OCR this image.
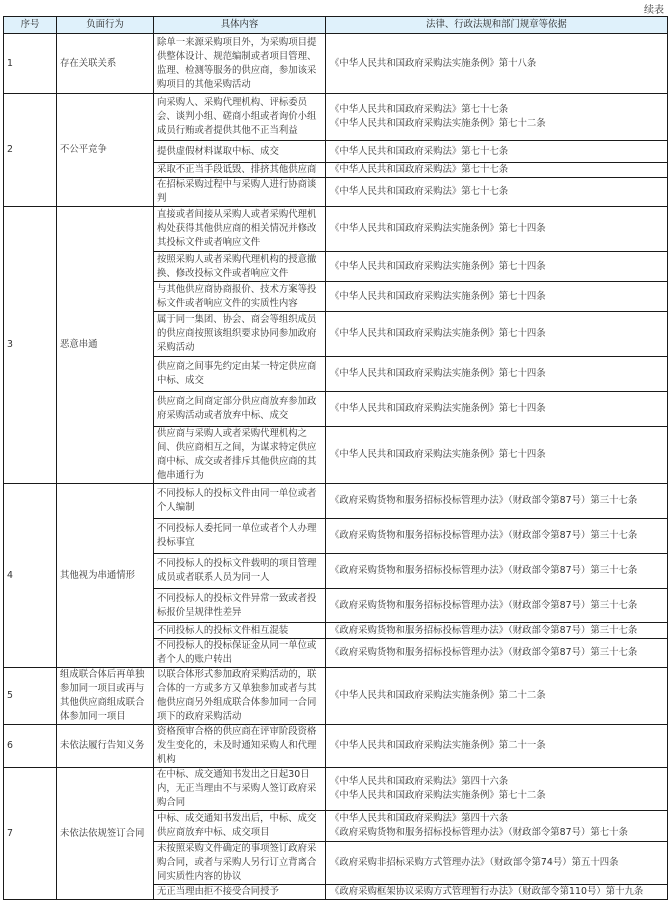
续表
序号	负面行为	具体内容	法律、行政法规和部门规章等依据
1	存在关联关系	除单一来源采购项目外，为采购项目提供整体设计、规范编制或者项目管理、监理、检测等服务的供应商，参加该采购项目的其他采购活动	《中华人民共和国政府采购法实施条例》第十八条

2	不公平竞争	向采购人、采购代理机构、评标委员会、谈判小组、磋商小组或者询价小组成员行贿或者提供其他不正当利益	《中华人民共和国政府采购法》第七十七条
《中华人民共和国政府采购法实施条例》第七十二条

		提供虚假材料谋取中标、成交	《中华人民共和国政府采购法》第七十七条

		采取不正当手段诋毁、排挤其他供应商	《中华人民共和国政府采购法》第七十七条

		在招标采购过程中与采购人进行协商谈判	《中华人民共和国政府采购法》第七十七条

3	恶意串通	直接或者间接从采购人或者采购代理机构处获得其他供应商的相关情况并修改其投标文件或者响应文件	《中华人民共和国政府采购法实施条例》第七十四条

		按照采购人或者采购代理机构的授意撤换、修改投标文件或者响应文件	《中华人民共和国政府采购法实施条例》第七十四条

		与其他供应商协商报价、技术方案等投标文件或者响应文件的实质性内容	《中华人民共和国政府采购法实施条例》第七十四条

		属于同一集团、协会、商会等组织成员的供应商按照该组织要求协同参加政府采购活动	《中华人民共和国政府采购法实施条例》第七十四条

		供应商之间事先约定由某一特定供应商中标、成交	《中华人民共和国政府采购法实施条例》第七十四条

		供应商之间商定部分供应商放弃参加政府采购活动或者放弃中标、成交	《中华人民共和国政府采购法实施条例》第七十四条

		供应商与采购人或者采购代理机构之间、供应商相互之间，为谋求特定供应商中标、成交或者排斥其他供应商的其他串通行为	《中华人民共和国政府采购法实施条例》第七十四条

4	其他视为串通情形	不同投标人的投标文件由同一单位或者个人编制	《政府采购货物和服务招标投标管理办法》（财政部令第87号）第三十七条

		不同投标人委托同一单位或者个人办理投标事宜	《政府采购货物和服务招标投标管理办法》（财政部令第87号）第三十七条

		不同投标人的投标文件载明的项目管理成员或者联系人员为同一人	《政府采购货物和服务招标投标管理办法》（财政部令第87号）第三十七条

		不同投标人的投标文件异常一致或者投标报价呈规律性差异	《政府采购货物和服务招标投标管理办法》（财政部令第87号）第三十七条

		不同投标人的投标文件相互混装	《政府采购货物和服务招标投标管理办法》（财政部令第87号）第三十七条

		不同投标人的投标保证金从同一单位或者个人的账户转出	《政府采购货物和服务招标投标管理办法》（财政部令第87号）第三十七条

5	组成联合体后再单独参加同一项目或再与其他供应商组成联合体参加同一项目	以联合体形式参加政府采购活动的，联合体的一方或多方又单独参加或者与其他供应商另外组成联合体参加同一合同项下的政府采购活动	《中华人民共和国政府采购法实施条例》第二十二条

6	未依法履行告知义务	资格预审合格的供应商在评审阶段资格发生变化的，未及时通知采购人和代理机构	《中华人民共和国政府采购法实施条例》第二十一条

7	未依法依规签订合同	在中标、成交通知书发出之日起30日内，无正当理由不与采购人签订政府采购合同	《中华人民共和国政府采购法》第四十六条
《中华人民共和国政府采购法实施条例》第七十二条

		中标、成交通知书发出后，中标、成交供应商放弃中标、成交项目	《中华人民共和国政府采购法》第四十六条
《政府采购货物和服务招标投标管理办法》（财政部令第87号）第七十条

		未按照采购文件确定的事项签订政府采购合同，或者与采购人另行订立背离合同实质性内容的协议	《政府采购非招标采购方式管理办法》（财政部令第74号）第五十四条

		无正当理由拒不接受合同授予	《政府采购框架协议采购方式管理暂行办法》（财政部令第110号）第十九条
